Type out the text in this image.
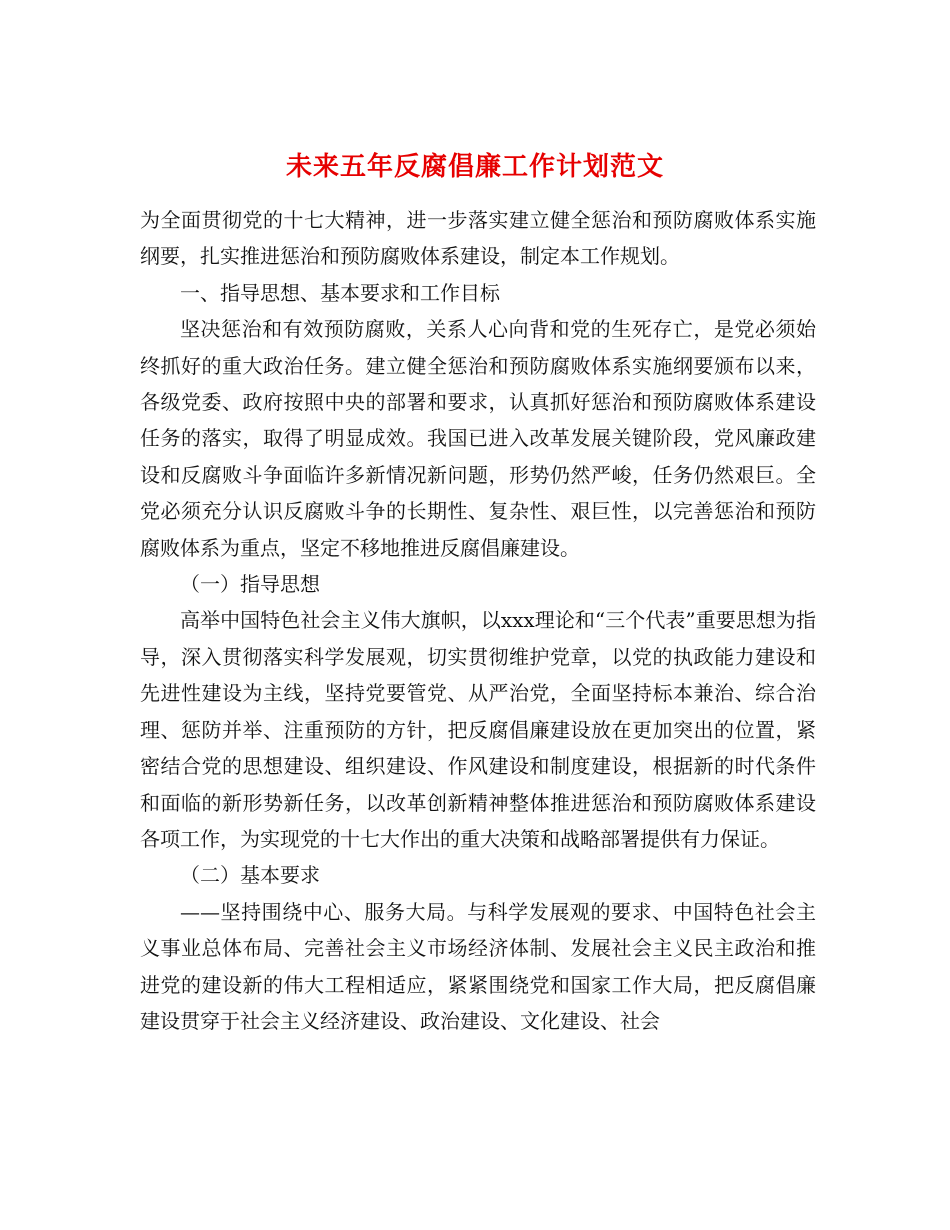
未来五年反腐倡廉工作计划范文

为全面贯彻党的十七大精神，进一步落实建立健全惩治和预防腐败体系实施纲要，扎实推进惩治和预防腐败体系建设，制定本工作规划。

一、指导思想、基本要求和工作目标

坚决惩治和有效预防腐败，关系人心向背和党的生死存亡，是党必须始终抓好的重大政治任务。建立健全惩治和预防腐败体系实施纲要颁布以来，各级党委、政府按照中央的部署和要求，认真抓好惩治和预防腐败体系建设任务的落实，取得了明显成效。我国已进入改革发展关键阶段，党风廉政建设和反腐败斗争面临许多新情况新问题，形势仍然严峻，任务仍然艰巨。全党必须充分认识反腐败斗争的长期性、复杂性、艰巨性，以完善惩治和预防腐败体系为重点，坚定不移地推进反腐倡廉建设。

（一）指导思想

高举中国特色社会主义伟大旗帜，以xxx理论和“三个代表”重要思想为指导，深入贯彻落实科学发展观，切实贯彻维护党章，以党的执政能力建设和先进性建设为主线，坚持党要管党、从严治党，全面坚持标本兼治、综合治理、惩防并举、注重预防的方针，把反腐倡廉建设放在更加突出的位置，紧密结合党的思想建设、组织建设、作风建设和制度建设，根据新的时代条件和面临的新形势新任务，以改革创新精神整体推进惩治和预防腐败体系建设各项工作，为实现党的十七大作出的重大决策和战略部署提供有力保证。

（二）基本要求

——坚持围绕中心、服务大局。与科学发展观的要求、中国特色社会主义事业总体布局、完善社会主义市场经济体制、发展社会主义民主政治和推进党的建设新的伟大工程相适应，紧紧围绕党和国家工作大局，把反腐倡廉建设贯穿于社会主义经济建设、政治建设、文化建设、社会
